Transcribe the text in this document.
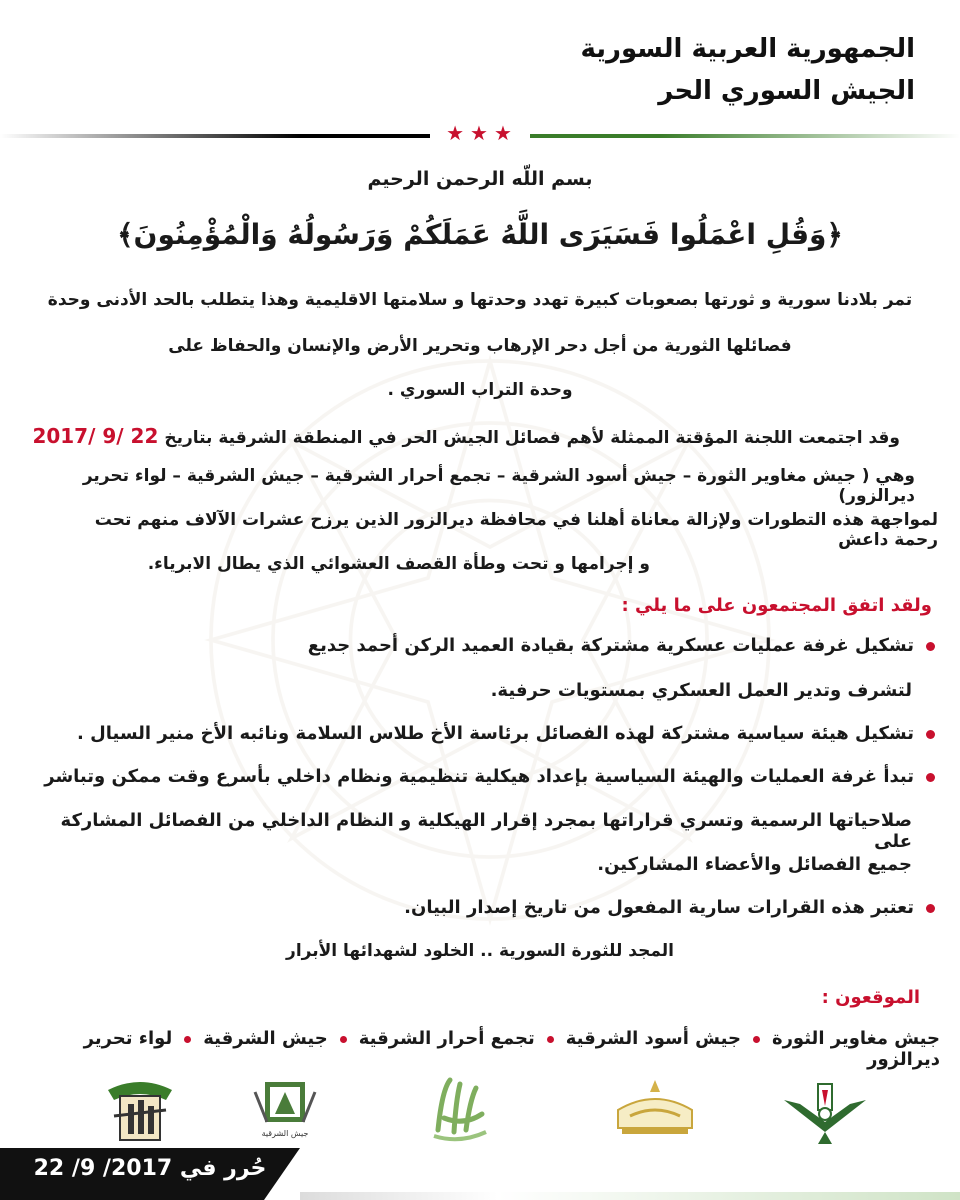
الجمهورية العربية السورية
الجيش السوري الحر
★★★
بسم اللّه الرحمن الرحيم
﴿وَقُلِ اعْمَلُوا فَسَيَرَى اللَّهُ عَمَلَكُمْ وَرَسُولُهُ وَالْمُؤْمِنُونَ﴾
تمر بلادنا سورية و ثورتها بصعوبات كبيرة تهدد وحدتها و سلامتها الاقليمية وهذا يتطلب بالحد الأدنى وحدة
فصائلها الثورية من أجل دحر الإرهاب وتحرير الأرض والإنسان والحفاظ على
وحدة التراب السوري .
وقد اجتمعت اللجنة المؤقتة الممثلة لأهم فصائل الجيش الحر في المنطقة الشرقية بتاريخ 2017/ 9/ 22
وهي ( جيش مغاوير الثورة – جيش أسود الشرقية – تجمع أحرار الشرقية – جيش الشرقية – لواء تحرير ديرالزور)
لمواجهة هذه التطورات ولإزالة معاناة أهلنا في محافظة ديرالزور الذين يرزح عشرات الآلاف منهم تحت رحمة داعش
و إجرامها و تحت وطأة القصف العشوائي الذي يطال الابرياء.
ولقد اتفق المجتمعون على ما يلي :
تشكيل غرفة عمليات عسكرية مشتركة بقيادة العميد الركن أحمد جديع
لتشرف وتدير العمل العسكري بمستويات حرفية.
تشكيل هيئة سياسية مشتركة لهذه الفصائل برئاسة الأخ طلاس السلامة ونائبه الأخ منير السيال .
تبدأ غرفة العمليات والهيئة السياسية بإعداد هيكلية تنظيمية ونظام داخلي بأسرع وقت ممكن وتباشر
صلاحياتها الرسمية وتسري قراراتها بمجرد إقرار الهيكلية و النظام الداخلي من الفصائل المشاركة على
جميع الفصائل والأعضاء المشاركين.
تعتبر هذه القرارات سارية المفعول من تاريخ إصدار البيان.
المجد للثورة السورية .. الخلود لشهدائها الأبرار
الموقعون :
جيش مغاوير الثورةجيش أسود الشرقيةتجمع أحرار الشرقيةجيش الشرقيةلواء تحرير ديرالزور
جيش الشرقية
حُرر في 2017/ 9/ 22
